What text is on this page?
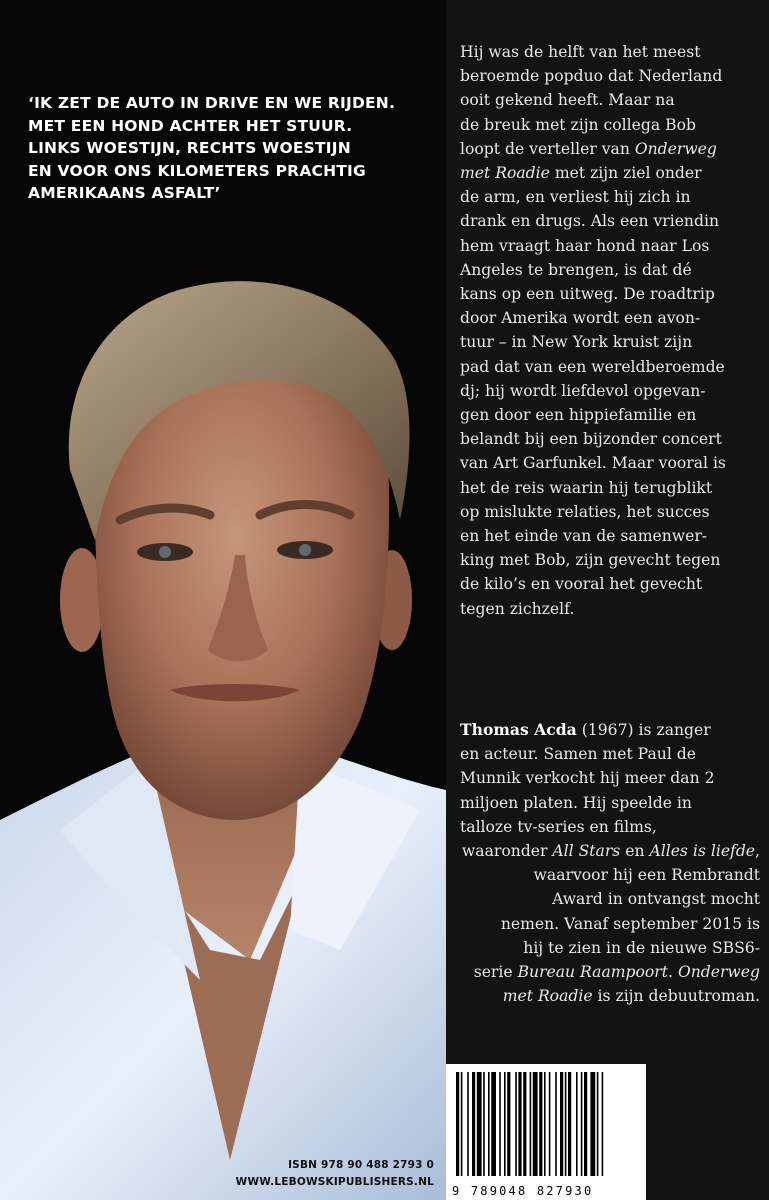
‘IK ZET DE AUTO IN DRIVE EN WE RIJDEN.
MET EEN HOND ACHTER HET STUUR.
LINKS WOESTIJN, RECHTS WOESTIJN
EN VOOR ONS KILOMETERS PRACHTIG
AMERIKAANS ASFALT’

ISBN 978 90 488 2793 0
WWW.LEBOWSKIPUBLISHERS.NL

Hij was de helft van het meest
beroemde popduo dat Nederland
ooit gekend heeft. Maar na
de breuk met zijn collega Bob
loopt de verteller van Onderweg
met Roadie met zijn ziel onder
de arm, en verliest hij zich in
drank en drugs. Als een vriendin
hem vraagt haar hond naar Los
Angeles te brengen, is dat dé
kans op een uitweg. De roadtrip
door Amerika wordt een avon-
tuur – in New York kruist zijn
pad dat van een wereldberoemde
dj; hij wordt liefdevol opgevan-
gen door een hippiefamilie en
belandt bij een bijzonder concert
van Art Garfunkel. Maar vooral is
het de reis waarin hij terugblikt
op mislukte relaties, het succes
en het einde van de samenwer-
king met Bob, zijn gevecht tegen
de kilo’s en vooral het gevecht
tegen zichzelf.

Thomas Acda (1967) is zanger
en acteur. Samen met Paul de
Munnik verkocht hij meer dan 2
miljoen platen. Hij speelde in
talloze tv-series en films,
waaronder All Stars en Alles is liefde,
waarvoor hij een Rembrandt
Award in ontvangst mocht
nemen. Vanaf september 2015 is
hij te zien in de nieuwe SBS6-
serie Bureau Raampoort. Onderweg
met Roadie is zijn debuutroman.

9 789048 827930
